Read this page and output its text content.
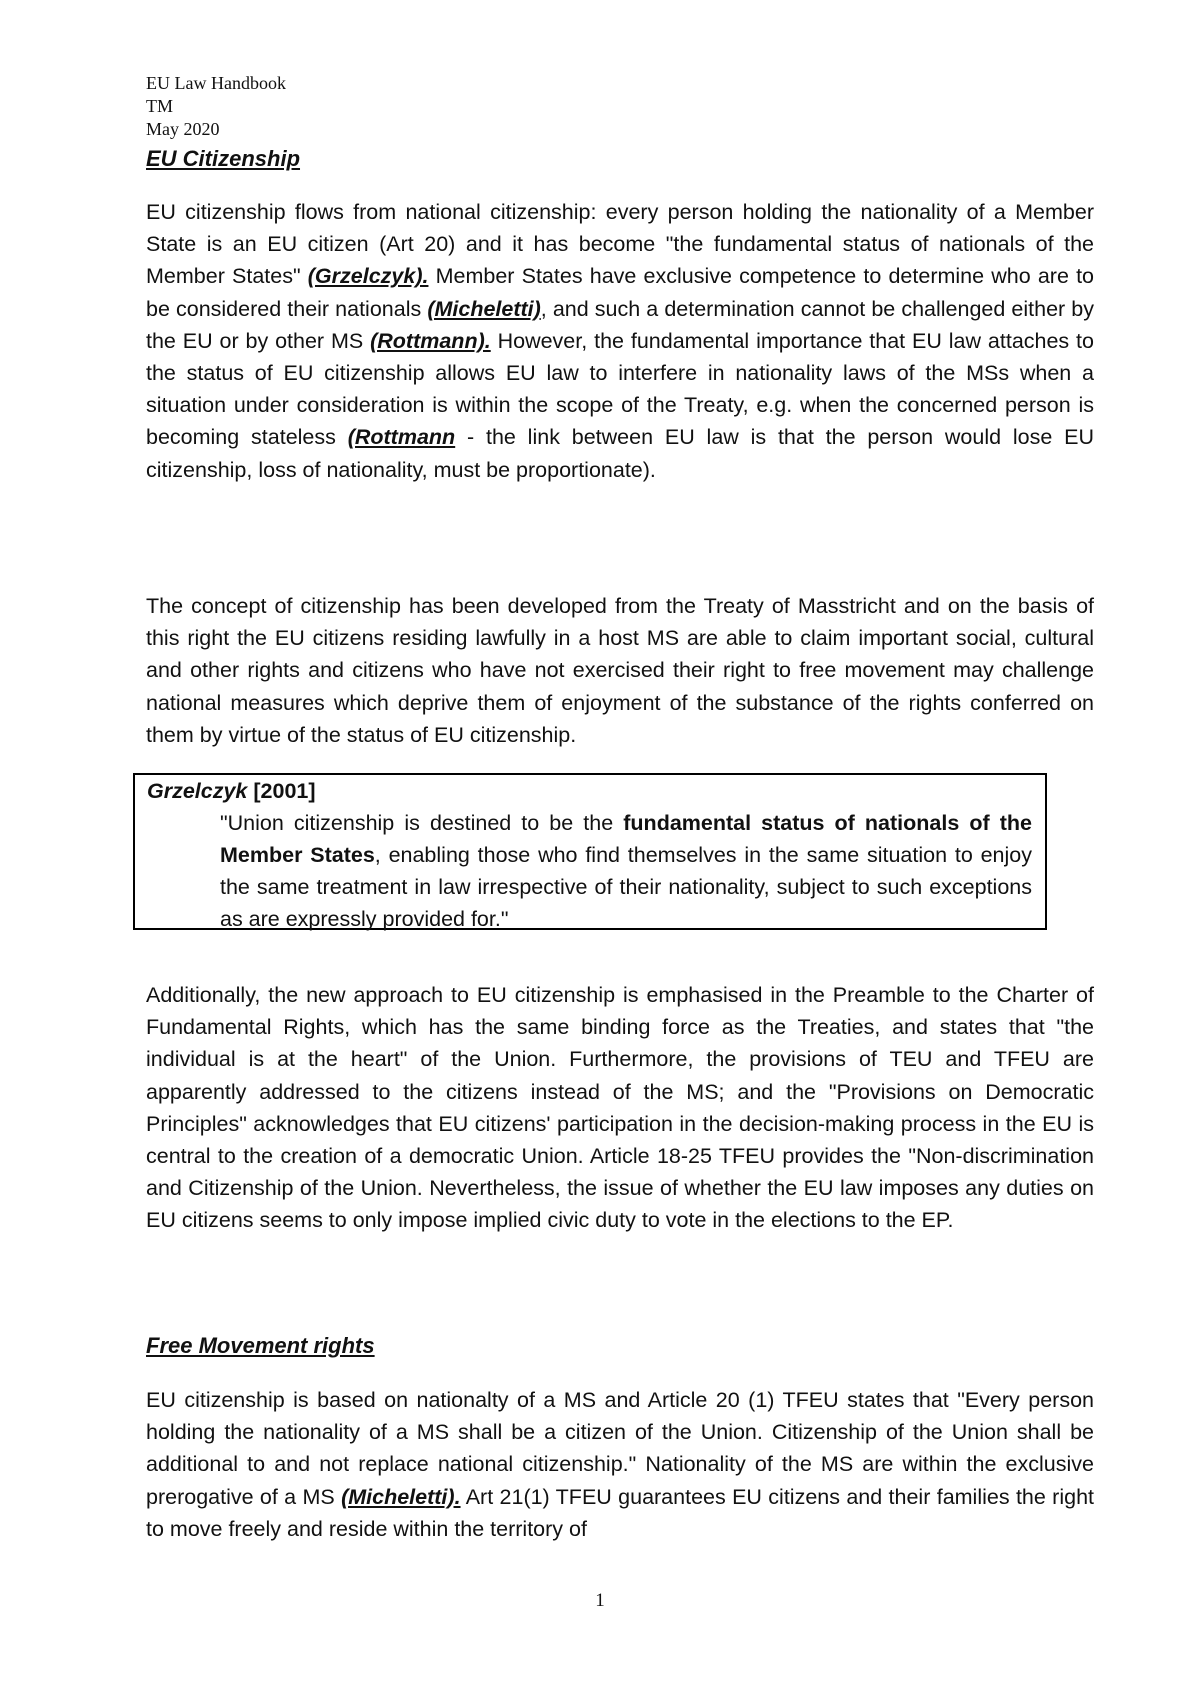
EU Law Handbook
TM
May 2020
EU Citizenship
EU citizenship flows from national citizenship: every person holding the nationality of a Member State is an EU citizen (Art 20) and it has become "the fundamental status of nationals of the Member States" (Grzelczyk). Member States have exclusive competence to determine who are to be considered their nationals (Micheletti), and such a determination cannot be challenged either by the EU or by other MS (Rottmann). However, the fundamental importance that EU law attaches to the status of EU citizenship allows EU law to interfere in nationality laws of the MSs when a situation under consideration is within the scope of the Treaty, e.g. when the concerned person is becoming stateless (Rottmann - the link between EU law is that the person would lose EU citizenship, loss of nationality, must be proportionate).
The concept of citizenship has been developed from the Treaty of Masstricht and on the basis of this right the EU citizens residing lawfully in a host MS are able to claim important social, cultural and other rights and citizens who have not exercised their right to free movement may challenge national measures which deprive them of enjoyment of the substance of the rights conferred on them by virtue of the status of EU citizenship.
Grzelczyk [2001]
"Union citizenship is destined to be the fundamental status of nationals of the Member States, enabling those who find themselves in the same situation to enjoy the same treatment in law irrespective of their nationality, subject to such exceptions as are expressly provided for."
Additionally, the new approach to EU citizenship is emphasised in the Preamble to the Charter of Fundamental Rights, which has the same binding force as the Treaties, and states that "the individual is at the heart" of the Union. Furthermore, the provisions of TEU and TFEU are apparently addressed to the citizens instead of the MS; and the "Provisions on Democratic Principles" acknowledges that EU citizens' participation in the decision-making process in the EU is central to the creation of a democratic Union. Article 18-25 TFEU provides the "Non-discrimination and Citizenship of the Union. Nevertheless, the issue of whether the EU law imposes any duties on EU citizens seems to only impose implied civic duty to vote in the elections to the EP.
Free Movement rights
EU citizenship is based on nationalty of a MS and Article 20 (1) TFEU states that "Every person holding the nationality of a MS shall be a citizen of the Union. Citizenship of the Union shall be additional to and not replace national citizenship." Nationality of the MS are within the exclusive prerogative of a MS (Micheletti). Art 21(1) TFEU guarantees EU citizens and their families the right to move freely and reside within the territory of
1
